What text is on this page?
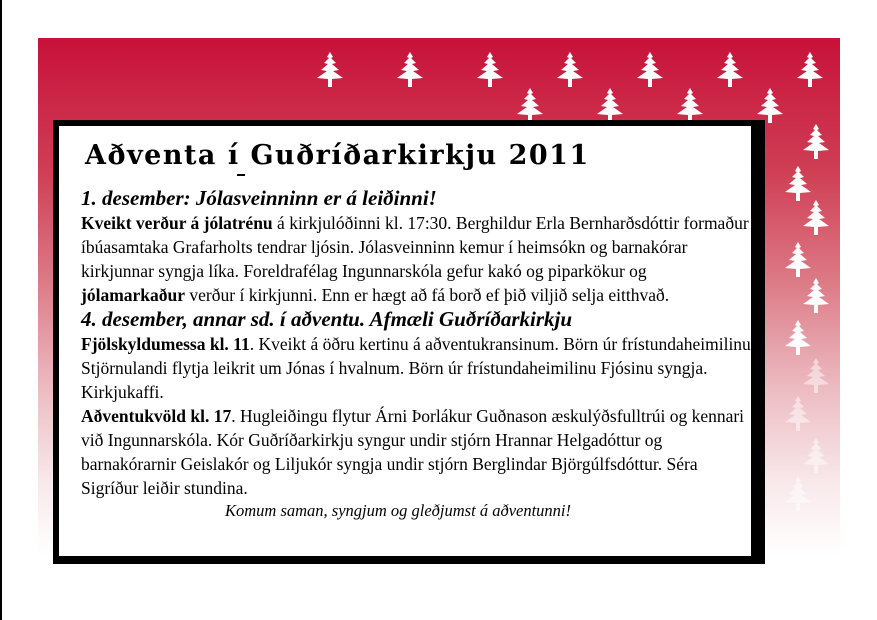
Aðventa í Guðríðarkirkju 2011
1. desember: Jólasveinninn er á leiðinni!

Kveikt verður á jólatrénu á kirkjulóðinni kl. 17:30. Berghildur Erla Bernharðsdóttir formaður íbúasamtaka Grafarholts tendrar ljósin. Jólasveinninn kemur í heimsókn og barnakórar kirkjunnar syngja líka. Foreldrafélag Ingunnarskóla gefur kakó og piparkökur og jólamarkaður verður í kirkjunni. Enn er hægt að fá borð ef þið viljið selja eitthvað.

4. desember, annar sd. í aðventu. Afmæli Guðríðarkirkju

Fjölskyldumessa kl. 11. Kveikt á öðru kertinu á aðventukransinum. Börn úr frístundaheimilinu Stjörnulandi flytja leikrit um Jónas í hvalnum. Börn úr frístundaheimilinu Fjósinu syngja. Kirkjukaffi.

Aðventukvöld kl. 17. Hugleiðingu flytur Árni Þorlákur Guðnason æskulýðsfulltrúi og kennari við Ingunnarskóla. Kór Guðríðarkirkju syngur undir stjórn Hrannar Helgadóttur og barnakórarnir Geislakór og Liljukór syngja undir stjórn Berglindar Björgúlfsdóttur. Séra Sigríður leiðir stundina.

Komum saman, syngjum og gleðjumst á aðventunni!
